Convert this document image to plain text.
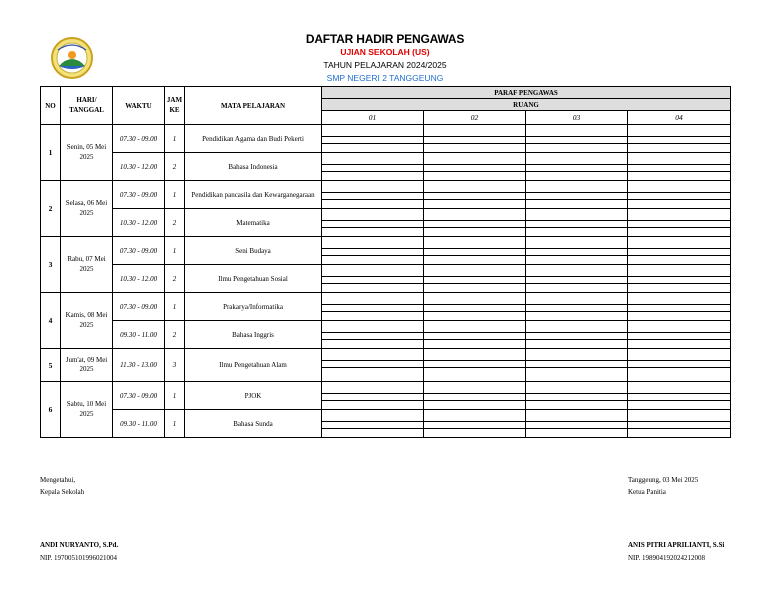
DAFTAR HADIR PENGAWAS
UJIAN SEKOLAH (US)
TAHUN PELAJARAN 2024/2025
SMP NEGERI 2 TANGGEUNG
NO	HARI/ TANGGAL	WAKTU	JAM KE	MATA PELAJARAN	PARAF PENGAWAS			
					RUANG			
					01	02	03	04
1	Senin, 05 Mei 2025	07.30 - 09.00	1	Pendidikan Agama dan Budi Pekerti				

		10.30 - 12.00	2	Bahasa Indonesia				

2	Selasa, 06 Mei 2025	07.30 - 09.00	1	Pendidikan pancasila dan Kewarganegaraan				

		10.30 - 12.00	2	Matematika				

3	Rabu, 07 Mei 2025	07.30 - 09.00	1	Seni Budaya				

		10.30 - 12.00	2	Ilmu Pengetahuan Sosial				

4	Kamis, 08 Mei 2025	07.30 - 09.00	1	Prakarya/Informatika				

		09.30 - 11.00	2	Bahasa Inggris				

5	Jum'at, 09 Mei 2025	11.30 - 13.00	3	Ilmu Pengetahuan Alam				

6	Sabtu, 10 Mei 2025	07.30 - 09.00	1	PJOK				

		09.30 - 11.00	1	Bahasa Sunda				

Mengetahui,
Kepala Sekolah
ANDI NURYANTO, S.Pd.
NIP. 197005101996021004
Tanggeung, 03 Mei 2025
Ketua Panitia
ANIS PITRI APRILIANTI, S.Si
NIP. 198904192024212008
